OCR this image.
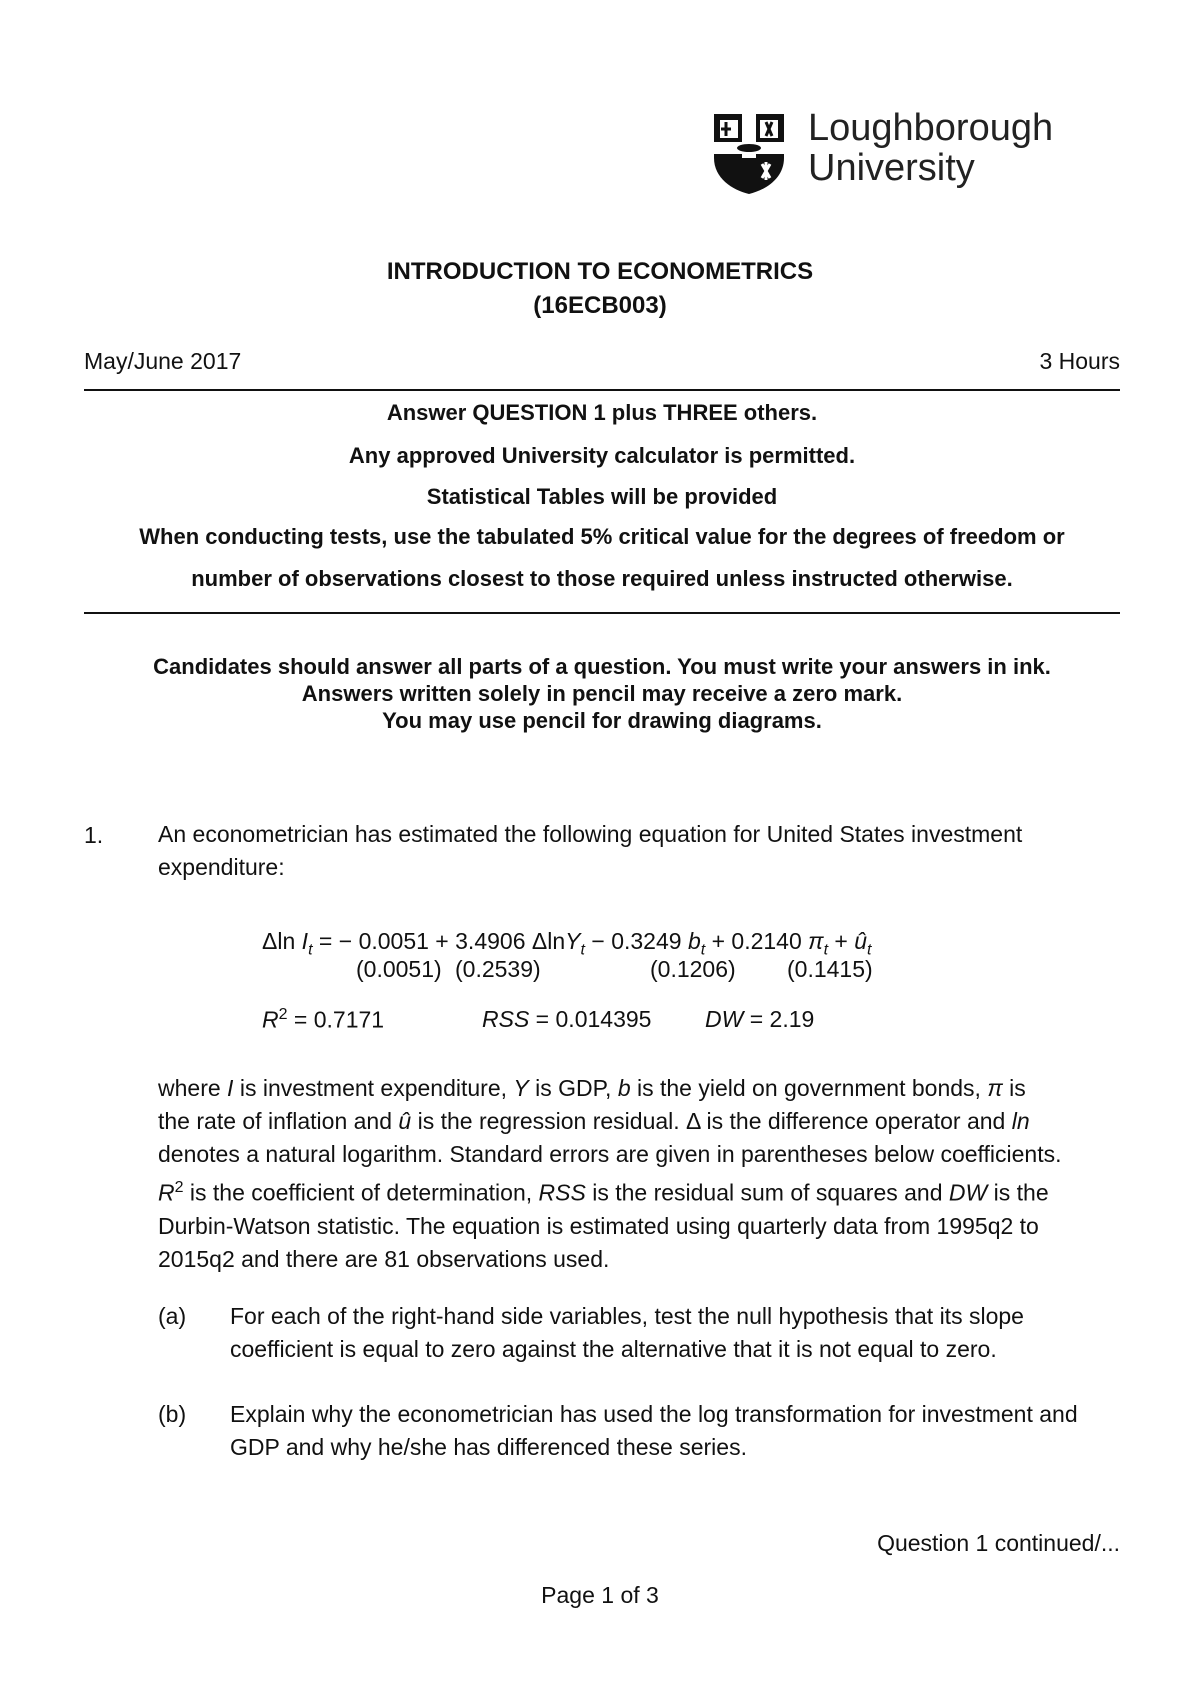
Loughborough
University
INTRODUCTION TO ECONOMETRICS
(16ECB003)
May/June 2017	3 Hours
Answer QUESTION 1 plus THREE others.
Any approved University calculator is permitted.
Statistical Tables will be provided
When conducting tests, use the tabulated 5% critical value for the degrees of freedom or
number of observations closest to those required unless instructed otherwise.
Candidates should answer all parts of a question. You must write your answers in ink.
Answers written solely in pencil may receive a zero mark.
You may use pencil for drawing diagrams.
1. An econometrician has estimated the following equation for United States investment expenditure:
Δln $I_t$ = − 0.0051 + 3.4906 ΔlnY$_t$ − 0.3249 $b_t + 0.2140$ $\pi_t$ + $û_t$
(0.0051) (0.2539)	(0.1206) (0.1415)
$R^2 = 0.7171$	RSS = 0.014395 DW = 2.19
where I is investment expenditure, Y is GDP, b is the yield on government bonds, π is
the rate of inflation and û is the regression residual. Δ is the difference operator and ln
denotes a natural logarithm. Standard errors are given in parentheses below coefficients.
$R^2$ is the coefficient of determination, RSS is the residual sum of squares and DW is the
Durbin-Watson statistic. The equation is estimated using quarterly data from 1995q2 to
2015q2 and there are 81 observations used.
(a) For each of the right-hand side variables, test the null hypothesis that its slope coefficient is equal to zero against the alternative that it is not equal to zero.
(b) Explain why the econometrician has used the log transformation for investment and GDP and why he/she has differenced these series.
Question 1 continued/...
Page 1 of 3
